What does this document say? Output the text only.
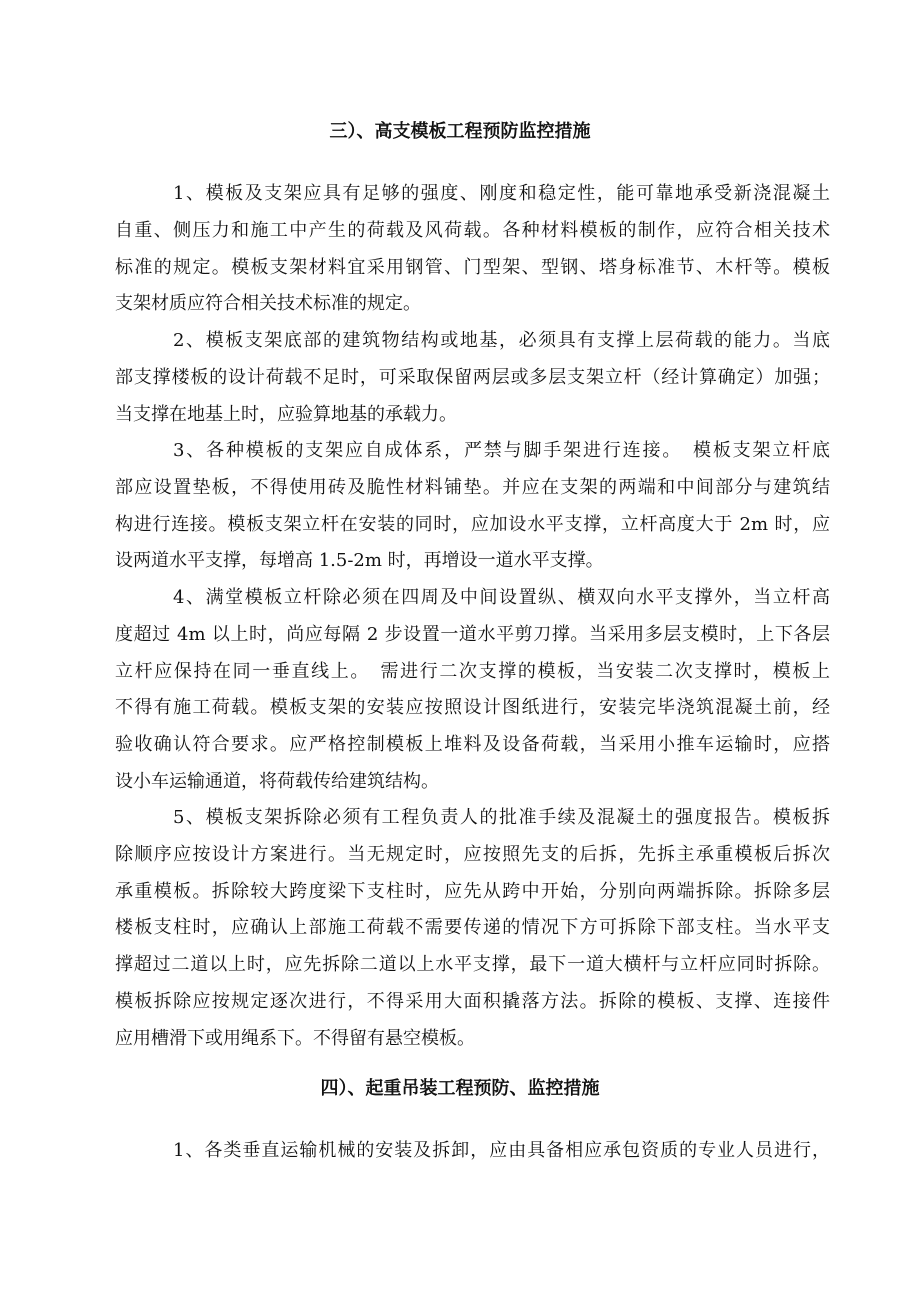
三）、高支模板工程预防监控措施
1、模板及支架应具有足够的强度、刚度和稳定性，能可靠地承受新浇混凝土
自重、侧压力和施工中产生的荷载及风荷载。各种材料模板的制作，应符合相关技术
标准的规定。模板支架材料宜采用钢管、门型架、型钢、塔身标准节、木杆等。模板
支架材质应符合相关技术标准的规定。
2、模板支架底部的建筑物结构或地基，必须具有支撑上层荷载的能力。当底
部支撑楼板的设计荷载不足时，可采取保留两层或多层支架立杆（经计算确定）加强；
当支撑在地基上时，应验算地基的承载力。
3、各种模板的支架应自成体系，严禁与脚手架进行连接。　模板支架立杆底
部应设置垫板，不得使用砖及脆性材料铺垫。并应在支架的两端和中间部分与建筑结
构进行连接。模板支架立杆在安装的同时，应加设水平支撑，立杆高度大于 2m 时，应
设两道水平支撑，每增高 1.5-2m 时，再增设一道水平支撑。
4、满堂模板立杆除必须在四周及中间设置纵、横双向水平支撑外，当立杆高
度超过 4m 以上时，尚应每隔 2 步设置一道水平剪刀撑。当采用多层支模时，上下各层
立杆应保持在同一垂直线上。　需进行二次支撑的模板，当安装二次支撑时，模板上
不得有施工荷载。模板支架的安装应按照设计图纸进行，安装完毕浇筑混凝土前，经
验收确认符合要求。应严格控制模板上堆料及设备荷载，当采用小推车运输时，应搭
设小车运输通道，将荷载传给建筑结构。
5、模板支架拆除必须有工程负责人的批准手续及混凝土的强度报告。模板拆
除顺序应按设计方案进行。当无规定时，应按照先支的后拆，先拆主承重模板后拆次
承重模板。拆除较大跨度梁下支柱时，应先从跨中开始，分别向两端拆除。拆除多层
楼板支柱时，应确认上部施工荷载不需要传递的情况下方可拆除下部支柱。当水平支
撑超过二道以上时，应先拆除二道以上水平支撑，最下一道大横杆与立杆应同时拆除。
模板拆除应按规定逐次进行，不得采用大面积撬落方法。拆除的模板、支撑、连接件
应用槽滑下或用绳系下。不得留有悬空模板。
四）、起重吊装工程预防、监控措施
1、各类垂直运输机械的安装及拆卸，应由具备相应承包资质的专业人员进行，
